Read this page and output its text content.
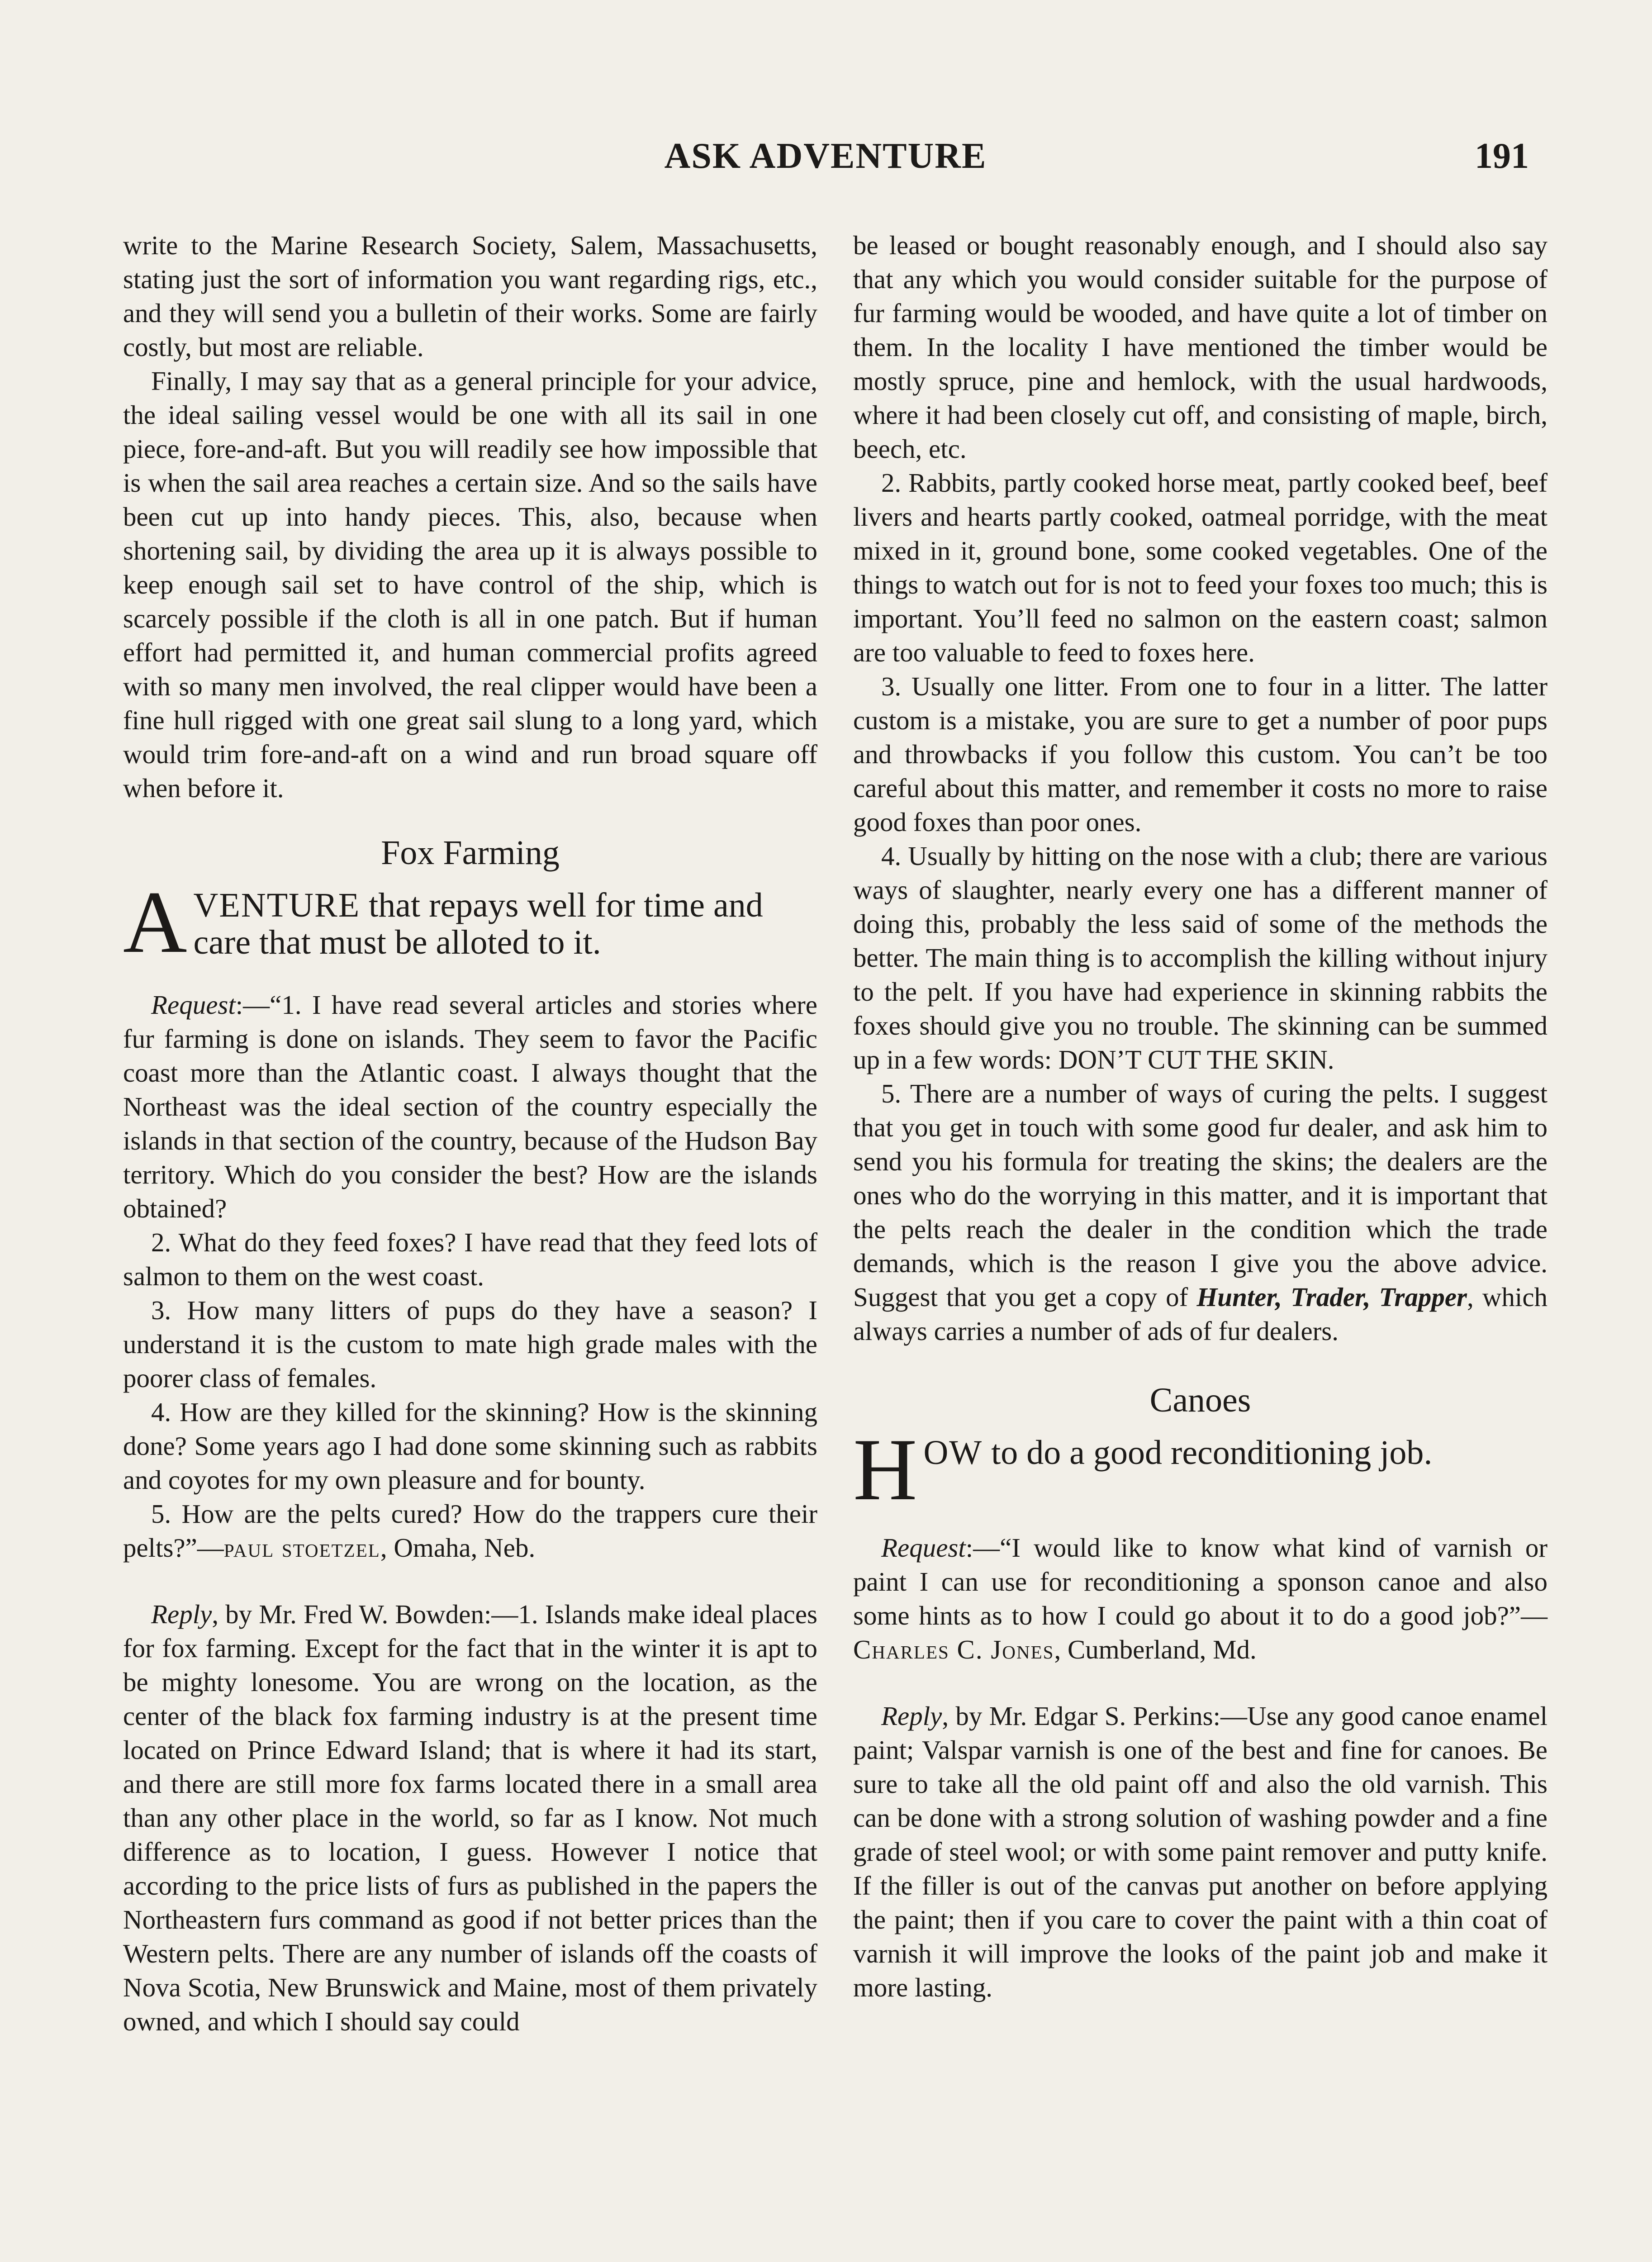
ASK ADVENTURE	191

write to the Marine Research Society, Salem, Massachusetts, stating just the sort of information you want regarding rigs, etc., and they will send you a bulletin of their works. Some are fairly costly, but most are reliable.

Finally, I may say that as a general principle for your advice, the ideal sailing vessel would be one with all its sail in one piece, fore-and-aft. But you will readily see how impossible that is when the sail area reaches a certain size. And so the sails have been cut up into handy pieces. This, also, because when shortening sail, by dividing the area up it is always possible to keep enough sail set to have control of the ship, which is scarcely possible if the cloth is all in one patch. But if human effort had permitted it, and human commercial profits agreed with so many men involved, the real clipper would have been a fine hull rigged with one great sail slung to a long yard, which would trim fore-and-aft on a wind and run broad square off when before it.

Fox Farming
AVENTURE that repays well for time and care that must be alloted to it.

Request:—“1. I have read several articles and stories where fur farming is done on islands. They seem to favor the Pacific coast more than the Atlantic coast. I always thought that the Northeast was the ideal section of the country especially the islands in that section of the country, because of the Hudson Bay territory. Which do you consider the best? How are the islands obtained?

2. What do they feed foxes? I have read that they feed lots of salmon to them on the west coast.

3. How many litters of pups do they have a season? I understand it is the custom to mate high grade males with the poorer class of females.

4. How are they killed for the skinning? How is the skinning done? Some years ago I had done some skinning such as rabbits and coyotes for my own pleasure and for bounty.

5. How are the pelts cured? How do the trappers cure their pelts?”—paul stoetzel, Omaha, Neb.

Reply, by Mr. Fred W. Bowden:—1. Islands make ideal places for fox farming. Except for the fact that in the winter it is apt to be mighty lonesome. You are wrong on the location, as the center of the black fox farming industry is at the present time located on Prince Edward Island; that is where it had its start, and there are still more fox farms located there in a small area than any other place in the world, so far as I know. Not much difference as to location, I guess. However I notice that according to the price lists of furs as published in the papers the Northeastern furs command as good if not better prices than the Western pelts. There are any number of islands off the coasts of Nova Scotia, New Brunswick and Maine, most of them privately owned, and which I should say could

be leased or bought reasonably enough, and I should also say that any which you would consider suitable for the purpose of fur farming would be wooded, and have quite a lot of timber on them. In the locality I have mentioned the timber would be mostly spruce, pine and hemlock, with the usual hardwoods, where it had been closely cut off, and consisting of maple, birch, beech, etc.

2. Rabbits, partly cooked horse meat, partly cooked beef, beef livers and hearts partly cooked, oatmeal porridge, with the meat mixed in it, ground bone, some cooked vegetables. One of the things to watch out for is not to feed your foxes too much; this is important. You’ll feed no salmon on the eastern coast; salmon are too valuable to feed to foxes here.

3. Usually one litter. From one to four in a litter. The latter custom is a mistake, you are sure to get a number of poor pups and throwbacks if you follow this custom. You can’t be too careful about this matter, and remember it costs no more to raise good foxes than poor ones.

4. Usually by hitting on the nose with a club; there are various ways of slaughter, nearly every one has a different manner of doing this, probably the less said of some of the methods the better. The main thing is to accomplish the killing without injury to the pelt. If you have had experience in skinning rabbits the foxes should give you no trouble. The skinning can be summed up in a few words: DON’T CUT THE SKIN.

5. There are a number of ways of curing the pelts. I suggest that you get in touch with some good fur dealer, and ask him to send you his formula for treating the skins; the dealers are the ones who do the worrying in this matter, and it is important that the pelts reach the dealer in the condition which the trade demands, which is the reason I give you the above advice. Suggest that you get a copy of Hunter, Trader, Trapper, which always carries a number of ads of fur dealers.

Canoes
HOW to do a good reconditioning job.

Request:—“I would like to know what kind of varnish or paint I can use for reconditioning a sponson canoe and also some hints as to how I could go about it to do a good job?”—Charles C. Jones, Cumberland, Md.

Reply, by Mr. Edgar S. Perkins:—Use any good canoe enamel paint; Valspar varnish is one of the best and fine for canoes. Be sure to take all the old paint off and also the old varnish. This can be done with a strong solution of washing powder and a fine grade of steel wool; or with some paint remover and putty knife. If the filler is out of the canvas put another on before applying the paint; then if you care to cover the paint with a thin coat of varnish it will improve the looks of the paint job and make it more lasting.
